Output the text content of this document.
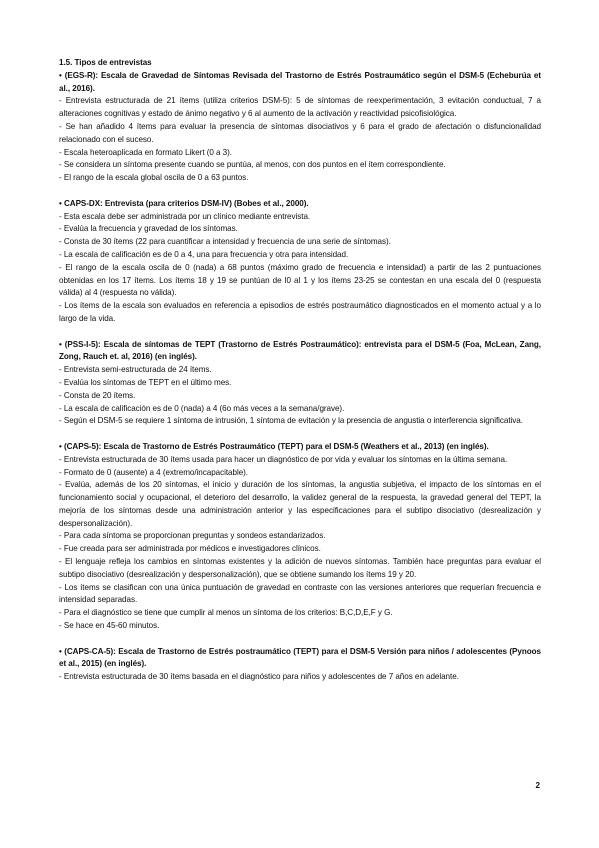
1.5. Tipos de entrevistas

• (EGS-R): Escala de Gravedad de Síntomas Revisada del Trastorno de Estrés Postraumático según el DSM-5 (Echeburúa et al., 2016).

- Entrevista estructurada de 21 ítems (utiliza criterios DSM-5): 5 de síntomas de reexperimentación, 3 evitación conductual, 7 a alteraciones cognitivas y estado de ánimo negativo y 6 al aumento de la activación y reactividad psicofisiológica.
- Se han añadido 4 ítems para evaluar la presencia de síntomas disociativos y 6 para el grado de afectación o disfuncionalidad relacionado con el suceso.
- Escala heteroaplicada en formato Likert (0 a 3).
- Se considera un síntoma presente cuando se puntúa, al menos, con dos puntos en el ítem correspondiente.
- El rango de la escala global oscila de 0 a 63 puntos.

• CAPS-DX: Entrevista (para criterios DSM-IV) (Bobes et al., 2000).

- Esta escala debe ser administrada por un clínico mediante entrevista.
- Evalúa la frecuencia y gravedad de los síntomas.
- Consta de 30 ítems (22 para cuantificar a intensidad y frecuencia de una serie de síntomas).
- La escala de calificación es de 0 a 4, una para frecuencia y otra para intensidad.
- El rango de la escala oscila de 0 (nada) a 68 puntos (máximo grado de frecuencia e intensidad) a partir de las 2 puntuaciones obtenidas en los 17 ítems. Los ítems 18 y 19 se puntúan de l0 al 1 y los ítems 23-25 se contestan en una escala del 0 (respuesta válida) al 4 (respuesta no válida).
- Los ítems de la escala son evaluados en referencia a episodios de estrés postraumático diagnosticados en el momento actual y a lo largo de la vida.

• (PSS-I-5): Escala de síntomas de TEPT (Trastorno de Estrés Postraumático): entrevista para el DSM-5 (Foa, McLean, Zang, Zong, Rauch et. al, 2016) (en inglés).

- Entrevista semi-estructurada de 24 ítems.
- Evalúa los síntomas de TEPT en el último mes.
- Consta de 20 ítems.
- La escala de calificación es de 0 (nada) a 4 (6o más veces a la semana/grave).
- Según el DSM-5 se requiere 1 síntoma de intrusión, 1 síntoma de evitación y la presencia de angustia o interferencia significativa.

• (CAPS-5): Escala de Trastorno de Estrés Postraumático (TEPT) para el DSM-5 (Weathers et al., 2013) (en inglés).

- Entrevista estructurada de 30 ítems usada para hacer un diagnóstico de por vida y evaluar los síntomas en la última semana.
- Formato de 0 (ausente) a 4 (extremo/incapacitable).
- Evalúa, además de los 20 síntomas, el inicio y duración de los síntomas, la angustia subjetiva, el impacto de los síntomas en el funcionamiento social y ocupacional, el deterioro del desarrollo, la validez general de la respuesta, la gravedad general del TEPT, la mejoría de los síntomas desde una administración anterior y las especificaciones para el subtipo disociativo (desrealización y despersonalización).
- Para cada síntoma se proporcionan preguntas y sondeos estandarizados.
- Fue creada para ser administrada por médicos e investigadores clínicos.
- El lenguaje refleja los cambios en síntomas existentes y la adición de nuevos síntomas. También hace preguntas para evaluar el subtipo disociativo (desrealización y despersonalización), que se obtiene sumando los ítems 19 y 20.
- Los ítems se clasifican con una única puntuación de gravedad en contraste con las versiones anteriores que requerían frecuencia e intensidad separadas.
- Para el diagnóstico se tiene que cumplir al menos un síntoma de los criterios: B,C,D,E,F y G.
- Se hace en 45-60 minutos.

• (CAPS-CA-5): Escala de Trastorno de Estrés postraumático (TEPT) para el DSM-5 Versión para niños / adolescentes (Pynoos et al., 2015) (en inglés).

- Entrevista estructurada de 30 ítems basada en el diagnóstico para niños y adolescentes de 7 años en adelante.
2
